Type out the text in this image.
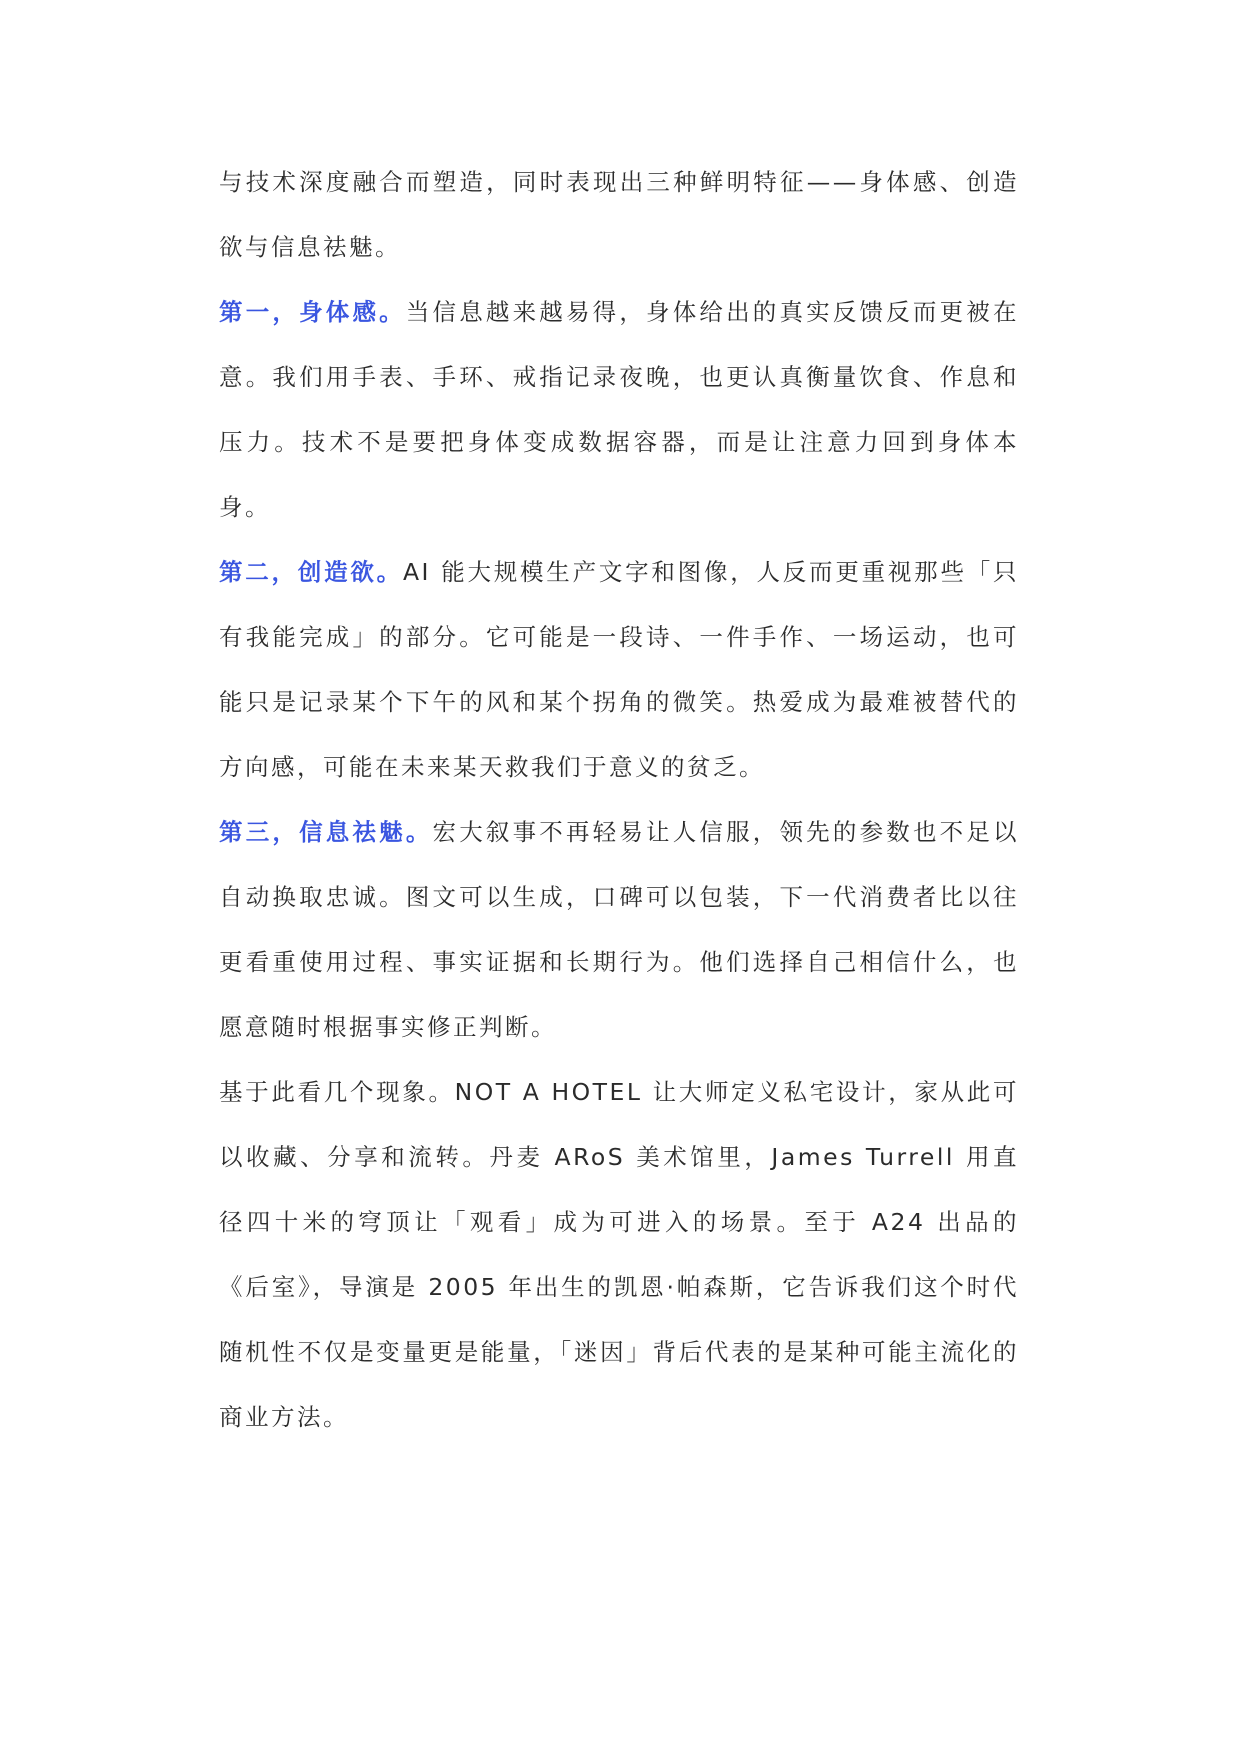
与技术深度融合而塑造，同时表现出三种鲜明特征——身体感、创造欲与信息祛魅。

第一，身体感。当信息越来越易得，身体给出的真实反馈反而更被在意。我们用手表、手环、戒指记录夜晚，也更认真衡量饮食、作息和压力。技术不是要把身体变成数据容器，而是让注意力回到身体本身。

第二，创造欲。AI 能大规模生产文字和图像，人反而更重视那些「只有我能完成」的部分。它可能是一段诗、一件手作、一场运动，也可能只是记录某个下午的风和某个拐角的微笑。热爱成为最难被替代的方向感，可能在未来某天救我们于意义的贫乏。

第三，信息祛魅。宏大叙事不再轻易让人信服，领先的参数也不足以自动换取忠诚。图文可以生成，口碑可以包装，下一代消费者比以往更看重使用过程、事实证据和长期行为。他们选择自己相信什么，也愿意随时根据事实修正判断。

基于此看几个现象。NOT A HOTEL 让大师定义私宅设计，家从此可以收藏、分享和流转。丹麦 ARoS 美术馆里，James Turrell 用直径四十米的穹顶让「观看」成为可进入的场景。至于 A24 出品的《后室》，导演是 2005 年出生的凯恩·帕森斯，它告诉我们这个时代随机性不仅是变量更是能量，「迷因」背后代表的是某种可能主流化的商业方法。
